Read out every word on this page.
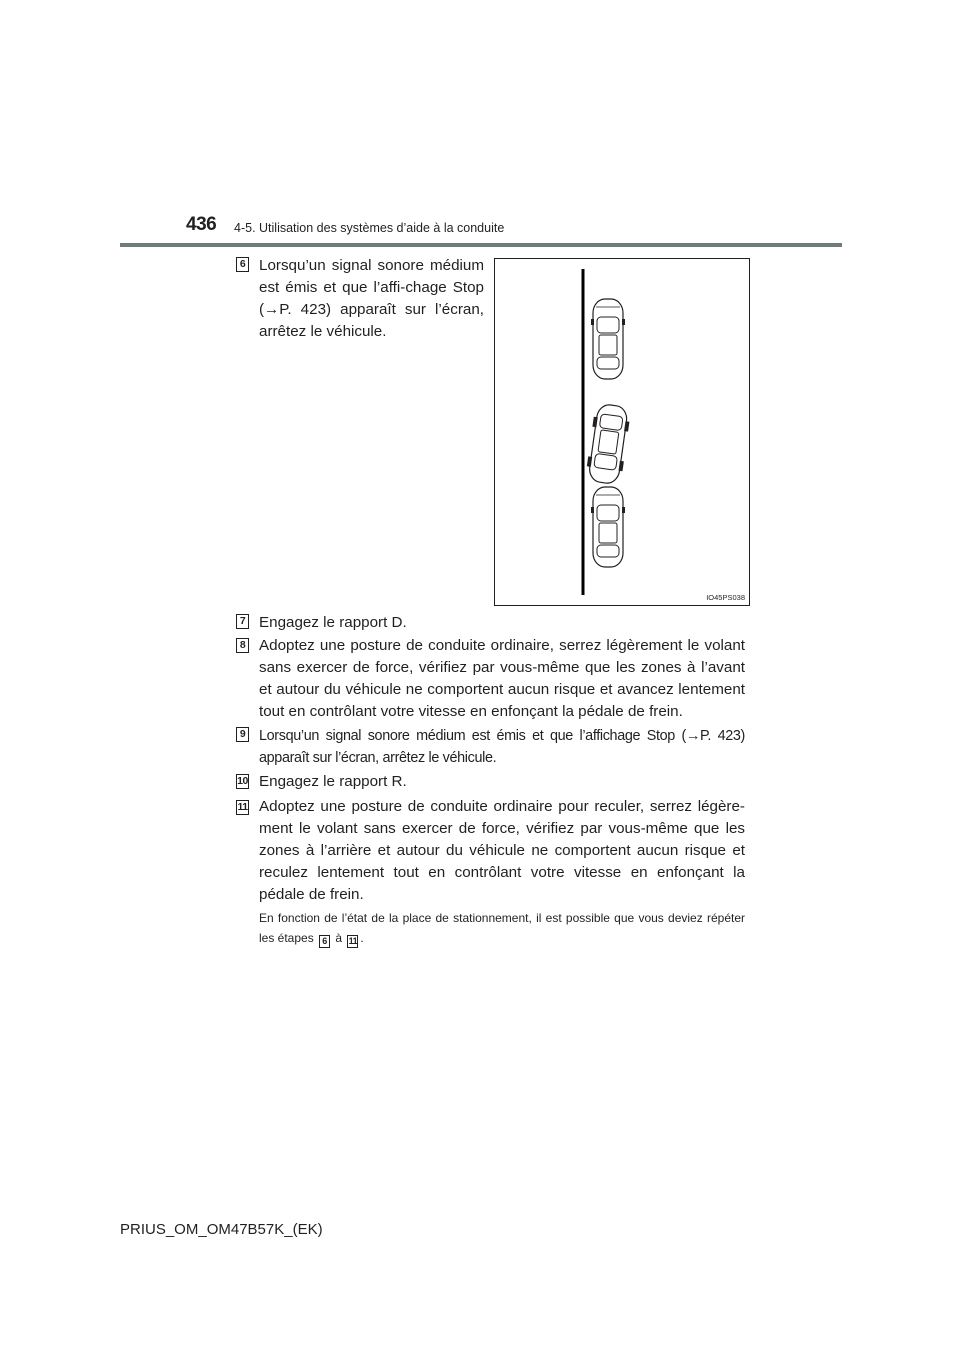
436 4-5. Utilisation des systèmes d’aide à la conduite
6 Lorsqu’un signal sonore médium est émis et que l’affi-chage Stop (→P. 423) apparaît sur l’écran, arrêtez le véhicule.
IO45PS038
7 Engagez le rapport D.
8 Adoptez une posture de conduite ordinaire, serrez légèrement le volant sans exercer de force, vérifiez par vous-même que les zones à l’avant et autour du véhicule ne comportent aucun risque et avancez lentement tout en contrôlant votre vitesse en enfonçant la pédale de frein.
9 Lorsqu’un signal sonore médium est émis et que l’affichage Stop (→P. 423) apparaît sur l’écran, arrêtez le véhicule.
10 Engagez le rapport R.
11 Adoptez une posture de conduite ordinaire pour reculer, serrez légère-ment le volant sans exercer de force, vérifiez par vous-même que les zones à l’arrière et autour du véhicule ne comportent aucun risque et reculez lentement tout en contrôlant votre vitesse en enfonçant la pédale de frein.
En fonction de l’état de la place de stationnement, il est possible que vous deviez répéter les étapes 6 à 11 .
PRIUS_OM_OM47B57K_(EK)
